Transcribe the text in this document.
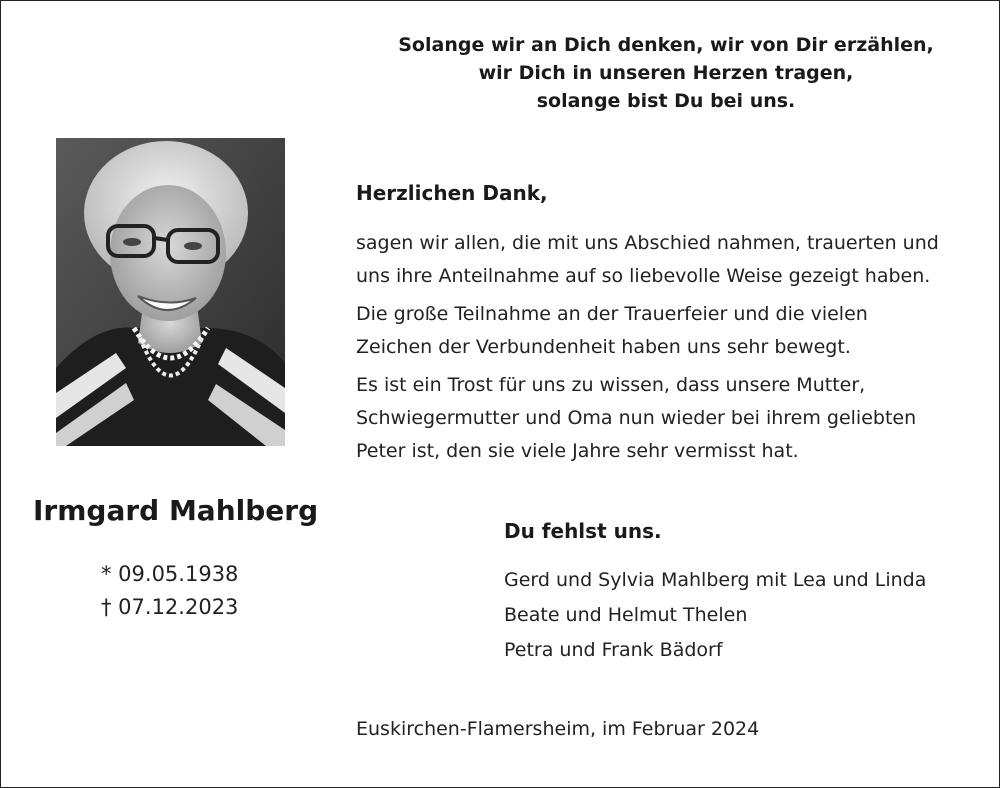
Solange wir an Dich denken, wir von Dir erzählen,
wir Dich in unseren Herzen tragen,
solange bist Du bei uns.
Irmgard Mahlberg
* 09.05.1938
† 07.12.2023
Herzlichen Dank,
sagen wir allen, die mit uns Abschied nahmen, trauerten und
uns ihre Anteilnahme auf so liebevolle Weise gezeigt haben.
Die große Teilnahme an der Trauerfeier und die vielen
Zeichen der Verbundenheit haben uns sehr bewegt.
Es ist ein Trost für uns zu wissen, dass unsere Mutter,
Schwiegermutter und Oma nun wieder bei ihrem geliebten
Peter ist, den sie viele Jahre sehr vermisst hat.
Du fehlst uns.
Gerd und Sylvia Mahlberg mit Lea und Linda
Beate und Helmut Thelen
Petra und Frank Bädorf
Euskirchen-Flamersheim, im Februar 2024
